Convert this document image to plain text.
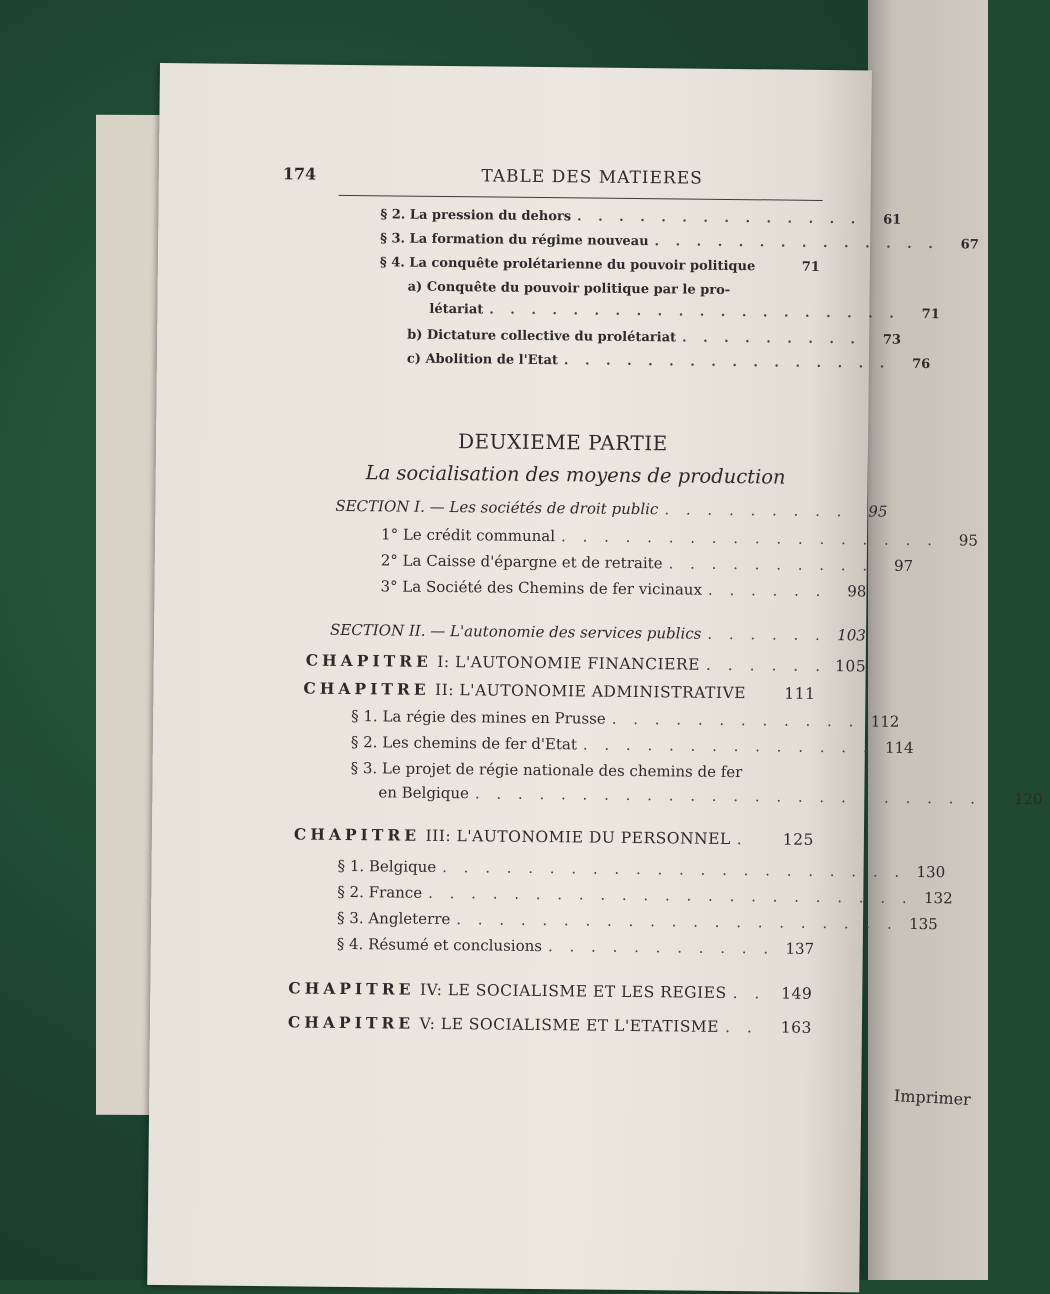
Imprimer
174	TABLE DES MATIERES
§ 2. La pression du dehors . . . . . . . . . . . . . .	61
§ 3. La formation du régime nouveau . . . . . . . . . . . . . .	67
§ 4. La conquête prolétarienne du pouvoir politique	71
a) Conquête du pouvoir politique par le pro-
létariat . . . . . . . . . . . . . . . . . . . .	71
b) Dictature collective du prolétariat . . . . . . . . .	73
c) Abolition de l'Etat . . . . . . . . . . . . . . . .	76
DEUXIEME PARTIE
La socialisation des moyens de production
SECTION I. — Les sociétés de droit public . . . . . . . . .	95
1° Le crédit communal . . . . . . . . . . . . . . . . . .	95
2° La Caisse d'épargne et de retraite . . . . . . . . . .	97
3° La Société des Chemins de fer vicinaux . . . . . .	98
SECTION II. — L'autonomie des services publics . . . . . . 103
CHAPITRE I: L'AUTONOMIE FINANCIERE . . . . . . 105
CHAPITRE II: L'AUTONOMIE ADMINISTRATIVE 111
§ 1. La régie des mines en Prusse . . . . . . . . . . . . 112
§ 2. Les chemins de fer d'Etat . . . . . . . . . . . . . . 114
§ 3. Le projet de régie nationale des chemins de fer
en Belgique . . . . . . . . . . . . . . . . . . . . . . . . . 120
CHAPITRE III: L'AUTONOMIE DU PERSONNEL .	125
§ 1. Belgique . . . . . . . . . . . . . . . . . . . . . . 130
§ 2. France . . . . . . . . . . . . . . . . . . . . . . . 132
§ 3. Angleterre . . . . . . . . . . . . . . . . . . . . . 135
§ 4. Résumé et conclusions . . . . . . . . . . . 137
CHAPITRE IV: LE SOCIALISME ET LES REGIES . .	149
CHAPITRE V: LE SOCIALISME ET L'ETATISME . .	163
